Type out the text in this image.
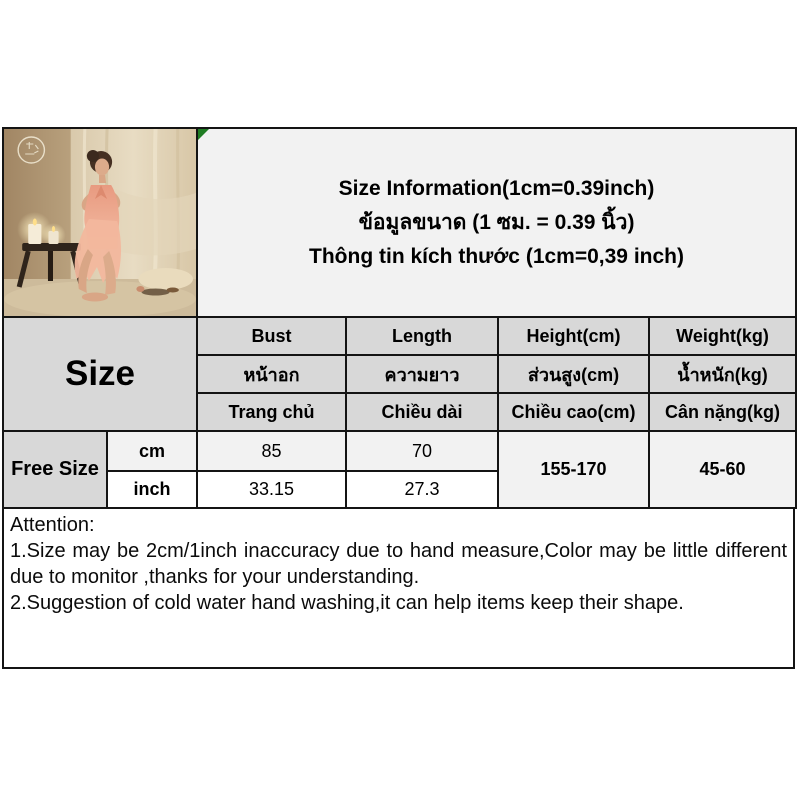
Size Information(1cm=0.39inch)
ข้อมูลขนาด (1 ซม. = 0.39 นิ้ว)
Thông tin kích thước (1cm=0,39 inch)			

Size		Bust	Length	Height(cm)	Weight(kg)
		หน้าอก	ความยาว	ส่วนสูง(cm)	น้ำหนัก(kg)
		Trang chủ	Chiều dài	Chiều cao(cm)	Cân nặng(kg)
Free Size	cm	85	70	155-170	45-60
	inch	33.15	27.3		
Attention:
1.Size may be 2cm/1inch inaccuracy due to hand measure,Color may be little different due to monitor ,thanks for your understanding.
2.Suggestion of cold water hand washing,it can help items keep their shape.
